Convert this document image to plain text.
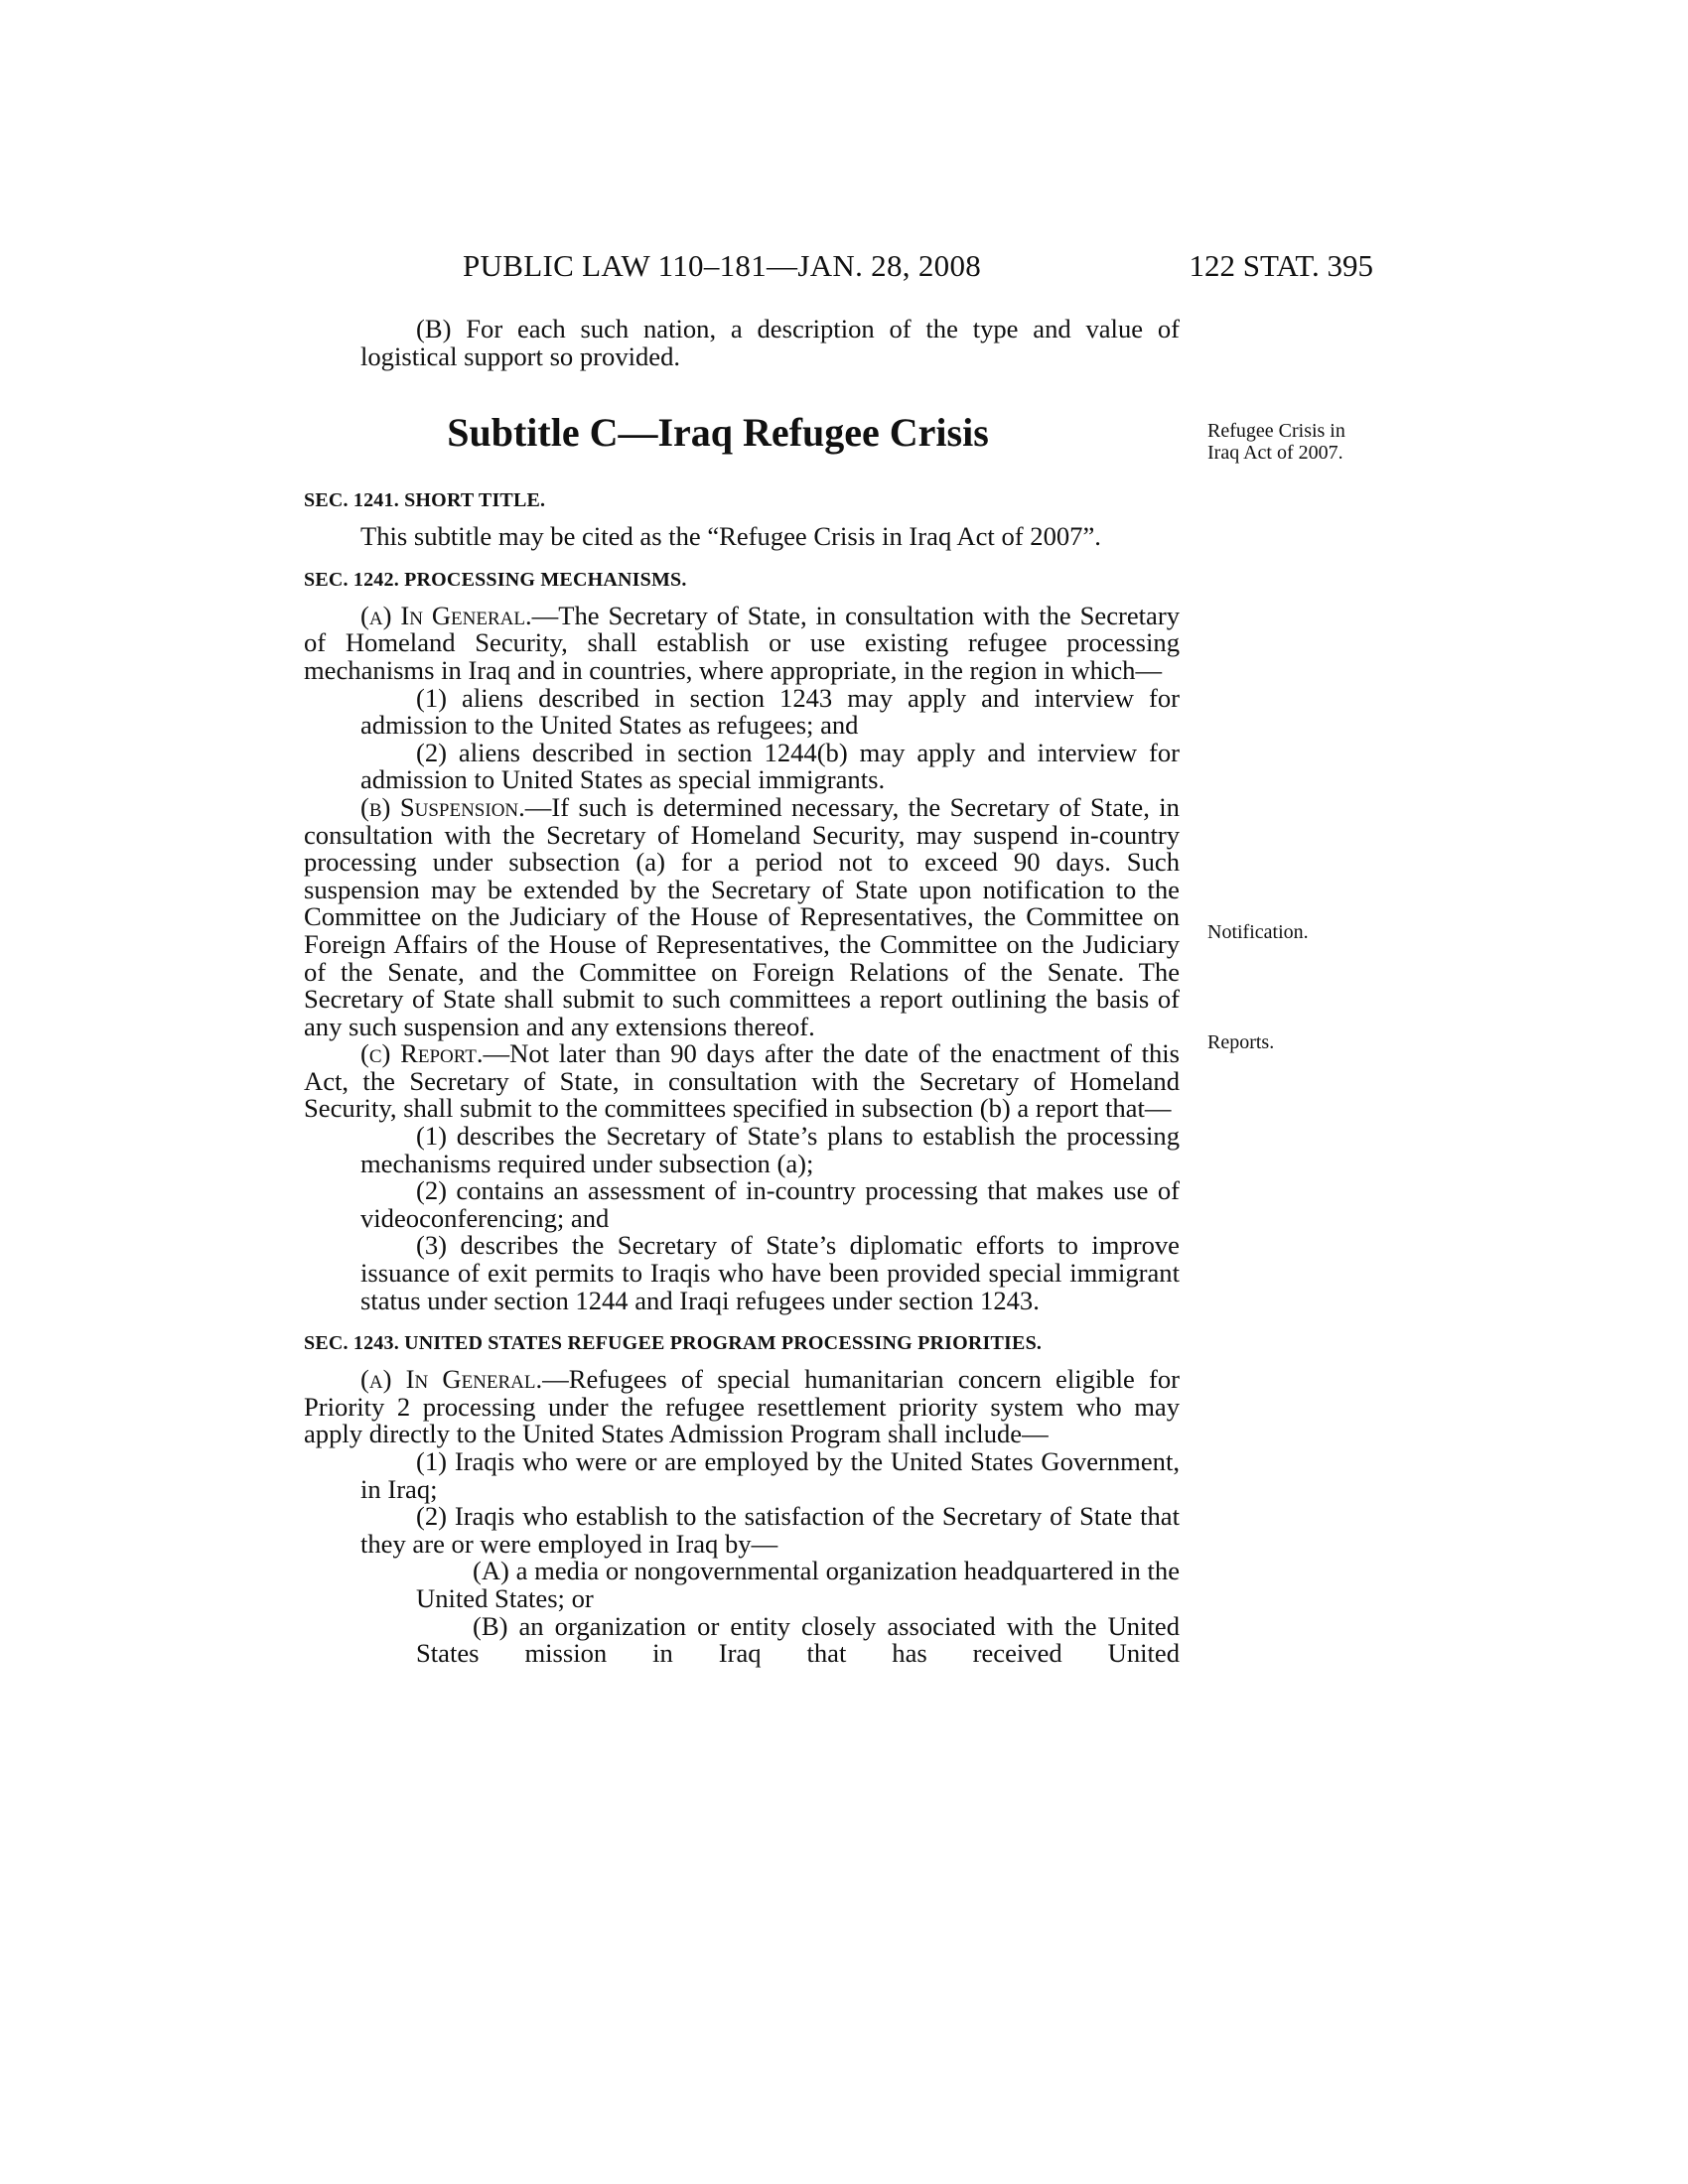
PUBLIC LAW 110–181—JAN. 28, 2008	122 STAT. 395
Refugee Crisis in
Iraq Act of 2007.
Notification.
Reports.

(B) For each such nation, a description of the type and value of logistical support so provided.

Subtitle C—Iraq Refugee Crisis

SEC. 1241. SHORT TITLE.

This subtitle may be cited as the “Refugee Crisis in Iraq Act of 2007”.

SEC. 1242. PROCESSING MECHANISMS.

(a) In General.—The Secretary of State, in consultation with the Secretary of Homeland Security, shall establish or use existing refugee processing mechanisms in Iraq and in countries, where appropriate, in the region in which—

(1) aliens described in section 1243 may apply and interview for admission to the United States as refugees; and

(2) aliens described in section 1244(b) may apply and interview for admission to United States as special immigrants.

(b) Suspension.—If such is determined necessary, the Secretary of State, in consultation with the Secretary of Homeland Security, may suspend in-country processing under subsection (a) for a period not to exceed 90 days. Such suspension may be extended by the Secretary of State upon notification to the Committee on the Judiciary of the House of Representatives, the Committee on Foreign Affairs of the House of Representatives, the Committee on the Judiciary of the Senate, and the Committee on Foreign Relations of the Senate. The Secretary of State shall submit to such committees a report outlining the basis of any such suspension and any extensions thereof.

(c) Report.—Not later than 90 days after the date of the enactment of this Act, the Secretary of State, in consultation with the Secretary of Homeland Security, shall submit to the committees specified in subsection (b) a report that—

(1) describes the Secretary of State’s plans to establish the processing mechanisms required under subsection (a);

(2) contains an assessment of in-country processing that makes use of videoconferencing; and

(3) describes the Secretary of State’s diplomatic efforts to improve issuance of exit permits to Iraqis who have been provided special immigrant status under section 1244 and Iraqi refugees under section 1243.

SEC. 1243. UNITED STATES REFUGEE PROGRAM PROCESSING PRIORITIES.

(a) In General.—Refugees of special humanitarian concern eligible for Priority 2 processing under the refugee resettlement priority system who may apply directly to the United States Admission Program shall include—

(1) Iraqis who were or are employed by the United States Government, in Iraq;

(2) Iraqis who establish to the satisfaction of the Secretary of State that they are or were employed in Iraq by—

(A) a media or nongovernmental organization headquartered in the United States; or

(B) an organization or entity closely associated with the United States mission in Iraq that has received United
